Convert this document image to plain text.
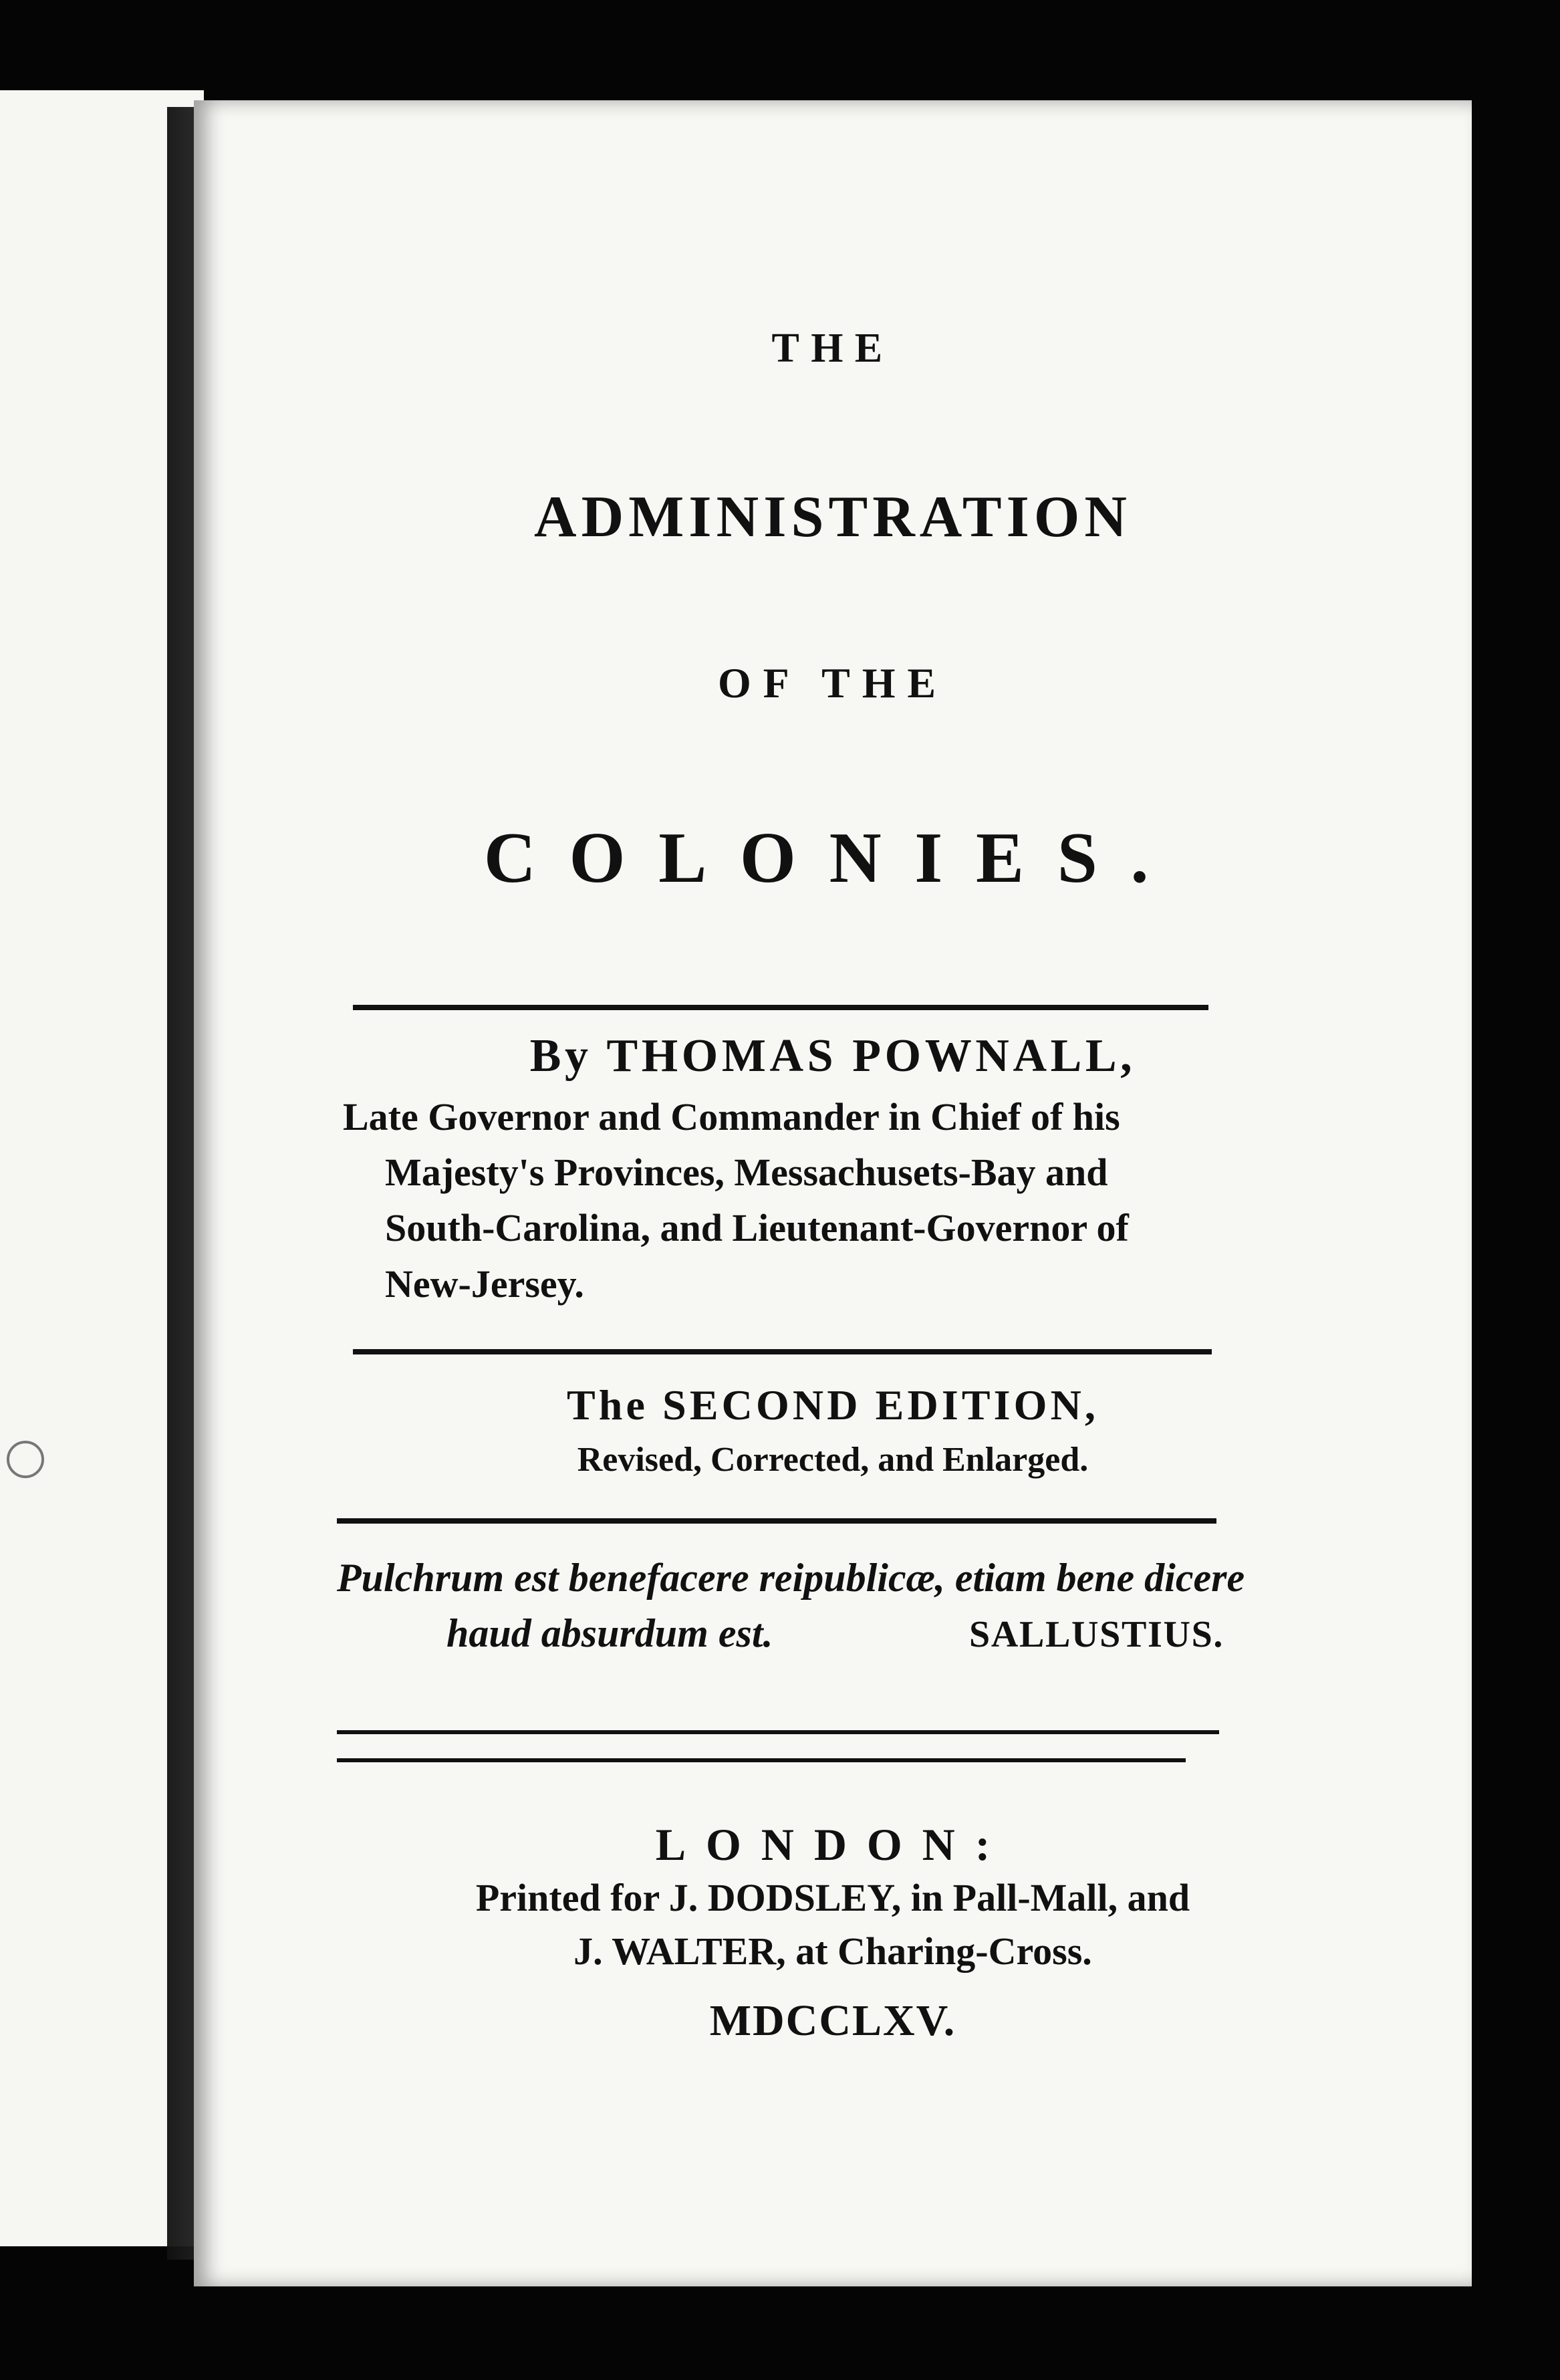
THE
ADMINISTRATION
OF THE
COLONIES.
By THOMAS POWNALL,
Late Governor and Commander in Chief of his
Majesty's Provinces, Messachusets-Bay and
South-Carolina, and Lieutenant-Governor of
New-Jersey.
The SECOND EDITION,
Revised, Corrected, and Enlarged.
Pulchrum est benefacere reipublicæ, etiam bene dicere
haud absurdum est.	SALLUSTIUS.
LONDON:
Printed for J. DODSLEY, in Pall-Mall, and
J. WALTER, at Charing-Cross.
MDCCLXV.
